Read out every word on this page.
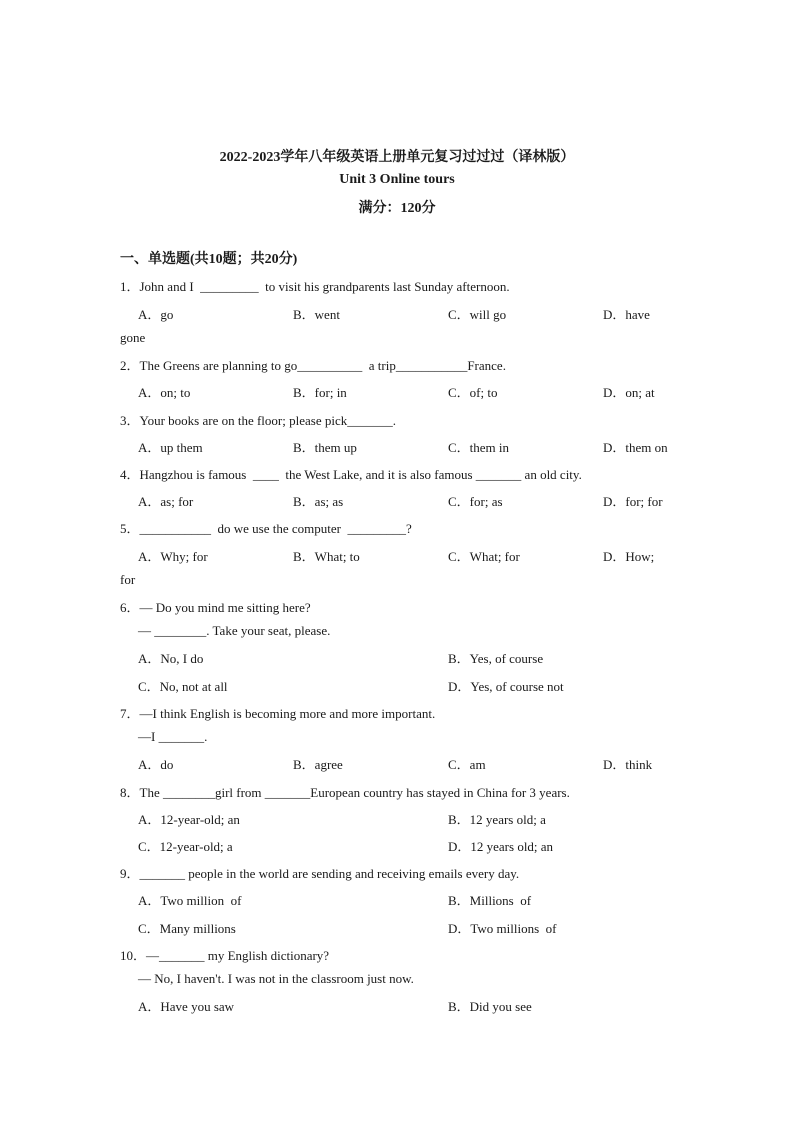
2022-2023学年八年级英语上册单元复习过过过（译林版）
Unit 3 Online tours
满分：120分
一、单选题(共10题；共20分)
1．John and I  _________  to visit his grandparents last Sunday afternoon.
A．go	B．went	C．will go	D．have
gone
2．The Greens are planning to go__________  a trip___________France.
A．on; to	B．for; in	C．of; to	D．on; at
3．Your books are on the floor; please pick_______.
A．up them	B．them up	C．them in	D．them on
4．Hangzhou is famous  ____  the West Lake, and it is also famous _______ an old city.
A．as; for	B．as; as	C．for; as	D．for; for
5．___________  do we use the computer  _________?
A．Why; for	B．What; to	C．What; for	D．How;
for
6．— Do you mind me sitting here?
— ________. Take your seat, please.
A．No, I do	B．Yes, of course
C．No, not at all	D．Yes, of course not
7．—I think English is becoming more and more important.
—I _______.
A．do	B．agree	C．am	D．think
8．The ________girl from _______European country has stayed in China for 3 years.
A．12-year-old; an	B．12 years old; a
C．12-year-old; a	D．12 years old; an
9．_______ people in the world are sending and receiving emails every day.
A．Two million  of	B．Millions  of
C．Many millions	D．Two millions  of
10．—_______ my English dictionary?
— No, I haven't. I was not in the classroom just now.
A．Have you saw	B．Did you see
